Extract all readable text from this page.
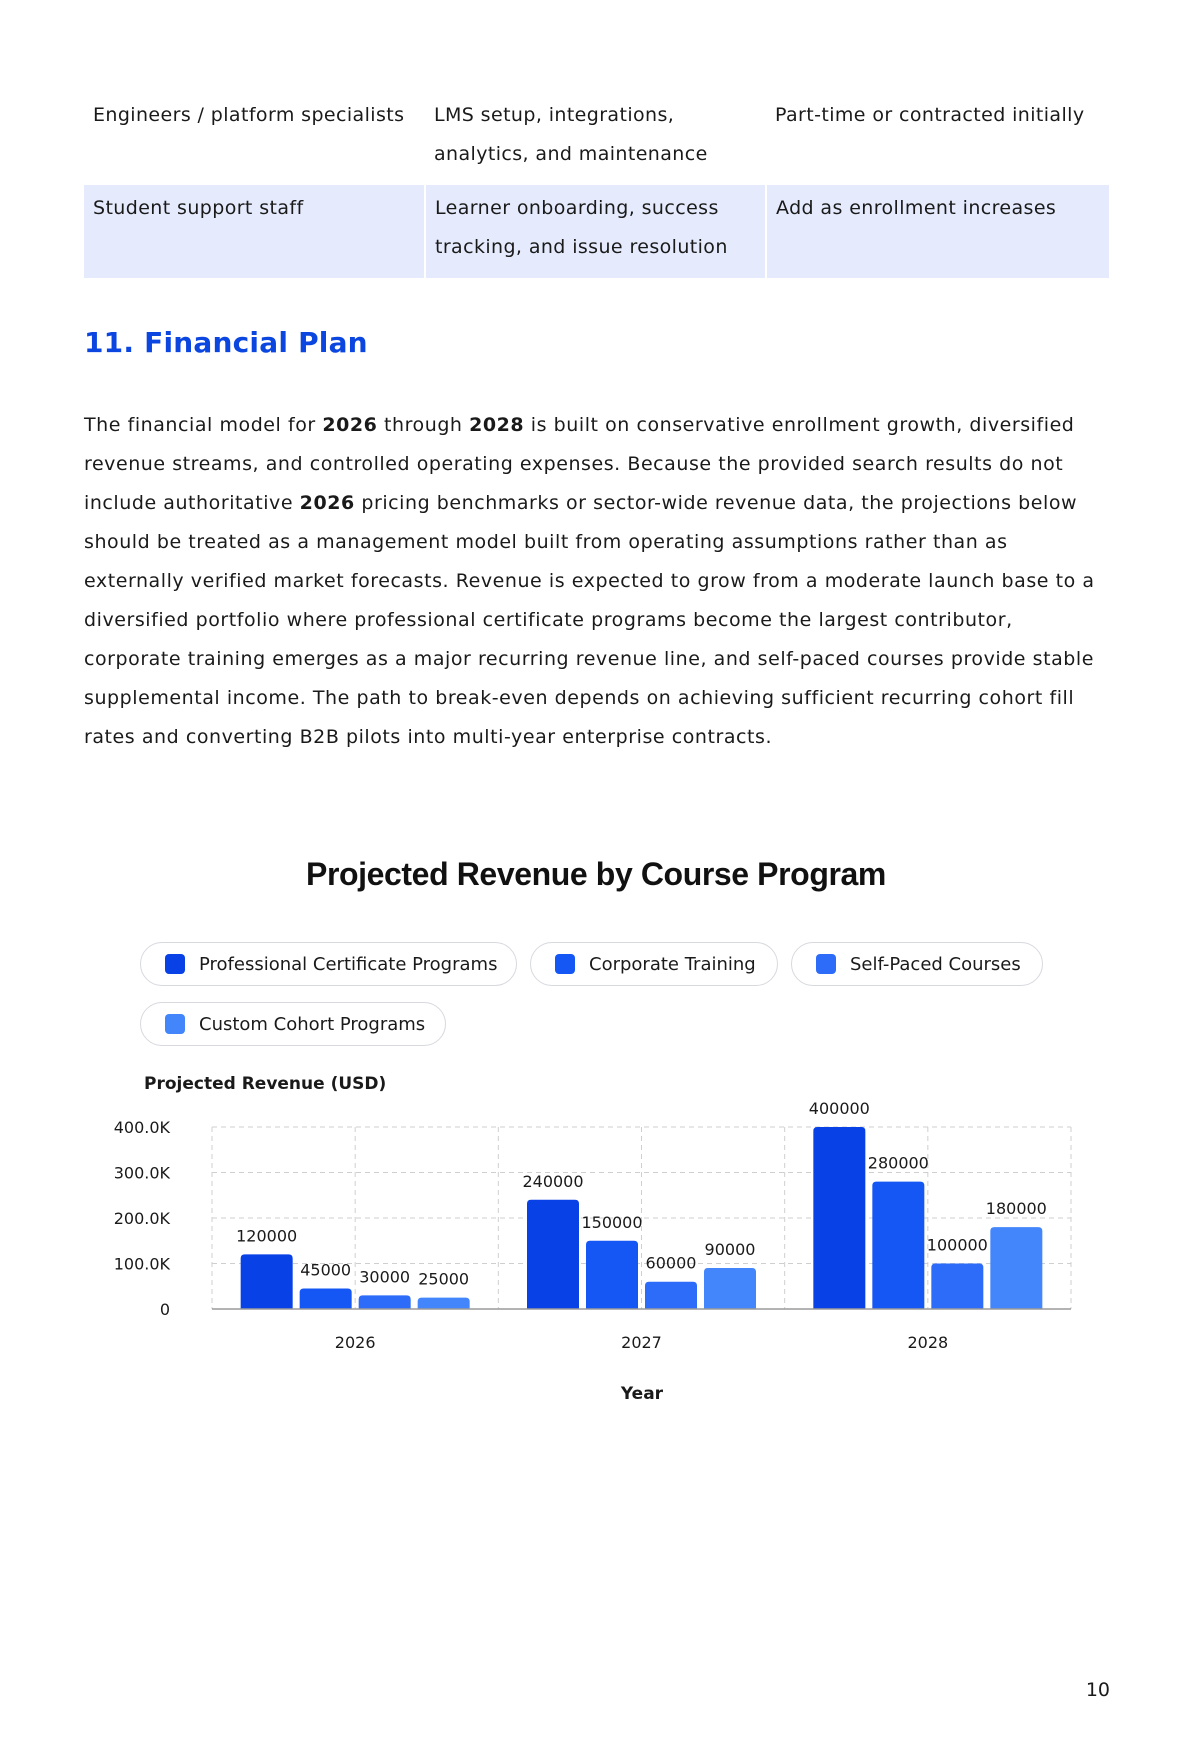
Engineers / platform specialists	LMS setup, integrations, analytics, and maintenance	Part-time or contracted initially
Student support staff	Learner onboarding, success tracking, and issue resolution	Add as enrollment increases
11. Financial Plan

The financial model for 2026 through 2028 is built on conservative enrollment growth, diversified revenue streams, and controlled operating expenses. Because the provided search results do not include authoritative 2026 pricing benchmarks or sector-wide revenue data, the projections below should be treated as a management model built from operating assumptions rather than as externally verified market forecasts. Revenue is expected to grow from a moderate launch base to a diversified portfolio where professional certificate programs become the largest contributor, corporate training emerges as a major recurring revenue line, and self-paced courses provide stable supplemental income. The path to break-even depends on achieving sufficient recurring cohort fill rates and converting B2B pilots into multi-year enterprise contracts.

Projected Revenue by Course Program
Professional Certificate Programs	Corporate Training	Self-Paced Courses
Custom Cohort Programs
0
100.0K
200.0K
300.0K
400.0K
Projected Revenue (USD)
120000
45000 30000 25000
2026
240000
150000
60000
90000
2027
400000
280000
100000
180000
2028
Year
10
